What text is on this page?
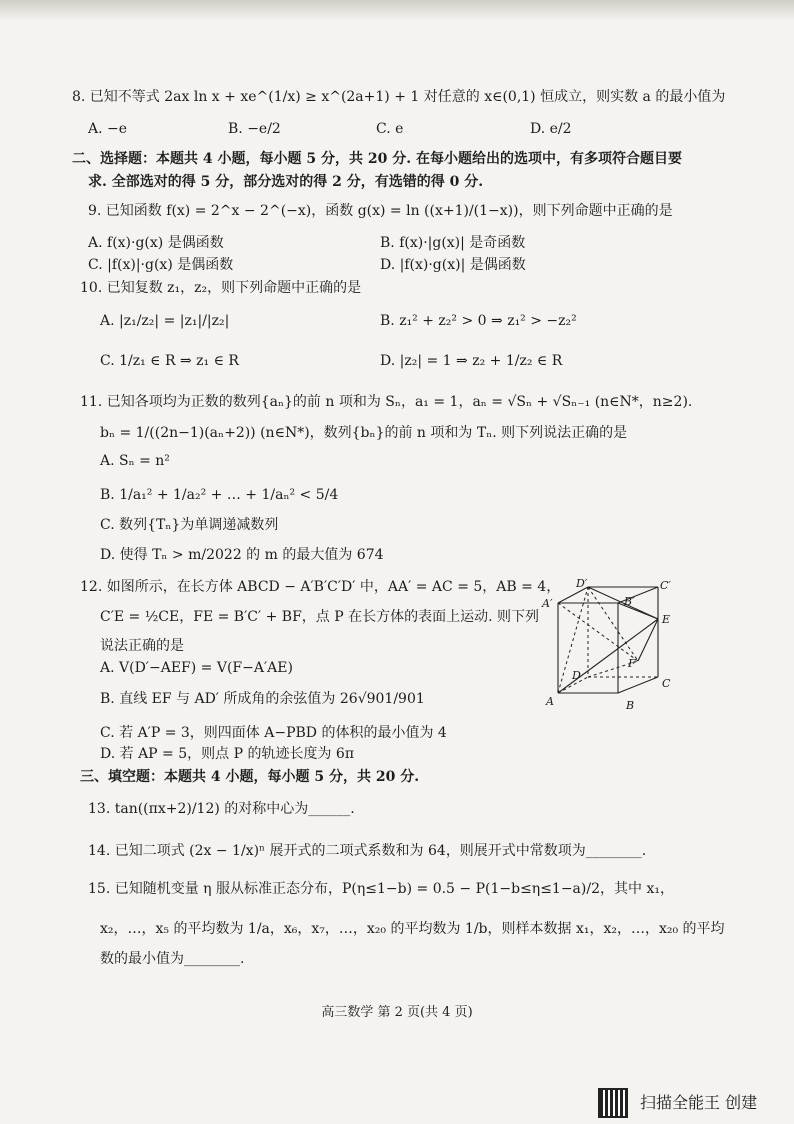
8. 已知不等式 2ax ln x + xe^(1/x) ≥ x^(2a+1) + 1 对任意的 x∈(0,1) 恒成立，则实数 a 的最小值为
A. −e	B. −e/2	C. e	D. e/2
二、选择题：本题共 4 小题，每小题 5 分，共 20 分. 在每小题给出的选项中，有多项符合题目要
求. 全部选对的得 5 分，部分选对的得 2 分，有选错的得 0 分.
9. 已知函数 f(x) = 2^x − 2^(−x)，函数 g(x) = ln ((x+1)/(1−x))，则下列命题中正确的是
A. f(x)·g(x) 是偶函数	B. f(x)·|g(x)| 是奇函数
C. |f(x)|·g(x) 是偶函数	D. |f(x)·g(x)| 是偶函数
10. 已知复数 z₁，z₂，则下列命题中正确的是
A. |z₁/z₂| = |z₁|/|z₂|	B. z₁² + z₂² > 0 ⇒ z₁² > −z₂²
C. 1/z₁ ∈ R ⇒ z₁ ∈ R	D. |z₂| = 1 ⇒ z₂ + 1/z₂ ∈ R
11. 已知各项均为正数的数列{aₙ}的前 n 项和为 Sₙ，a₁ = 1，aₙ = √Sₙ + √Sₙ₋₁ (n∈N*，n≥2).
bₙ = 1/((2n−1)(aₙ+2)) (n∈N*)，数列{bₙ}的前 n 项和为 Tₙ. 则下列说法正确的是
A. Sₙ = n²
B. 1/a₁² + 1/a₂² + … + 1/aₙ² < 5/4
C. 数列{Tₙ}为单调递减数列
D. 使得 Tₙ > m/2022 的 m 的最大值为 674
12. 如图所示，在长方体 ABCD − A′B′C′D′ 中，AA′ = AC = 5，AB = 4，
C′E = ½CE，FE = B′C′ + BF，点 P 在长方体的表面上运动. 则下列
说法正确的是
A. V(D′−AEF) = V(F−A′AE)
B. 直线 EF 与 AD′ 所成角的余弦值为 26√901/901
C. 若 A′P = 3，则四面体 A−PBD 的体积的最小值为 4
D. 若 AP = 5，则点 P 的轨迹长度为 6π
D′	C′
A′	B′
E
F
D
C
A	B
三、填空题：本题共 4 小题，每小题 5 分，共 20 分.
13. tan((πx+2)/12) 的对称中心为______.
14. 已知二项式 (2x − 1/x)ⁿ 展开式的二项式系数和为 64，则展开式中常数项为________.
15. 已知随机变量 η 服从标准正态分布，P(η≤1−b) = 0.5 − P(1−b≤η≤1−a)/2，其中 x₁，
x₂，…，x₅ 的平均数为 1/a，x₆，x₇，…，x₂₀ 的平均数为 1/b，则样本数据 x₁，x₂，…，x₂₀ 的平均
数的最小值为________.
高三数学 第 2 页(共 4 页)
扫描全能王 创建
